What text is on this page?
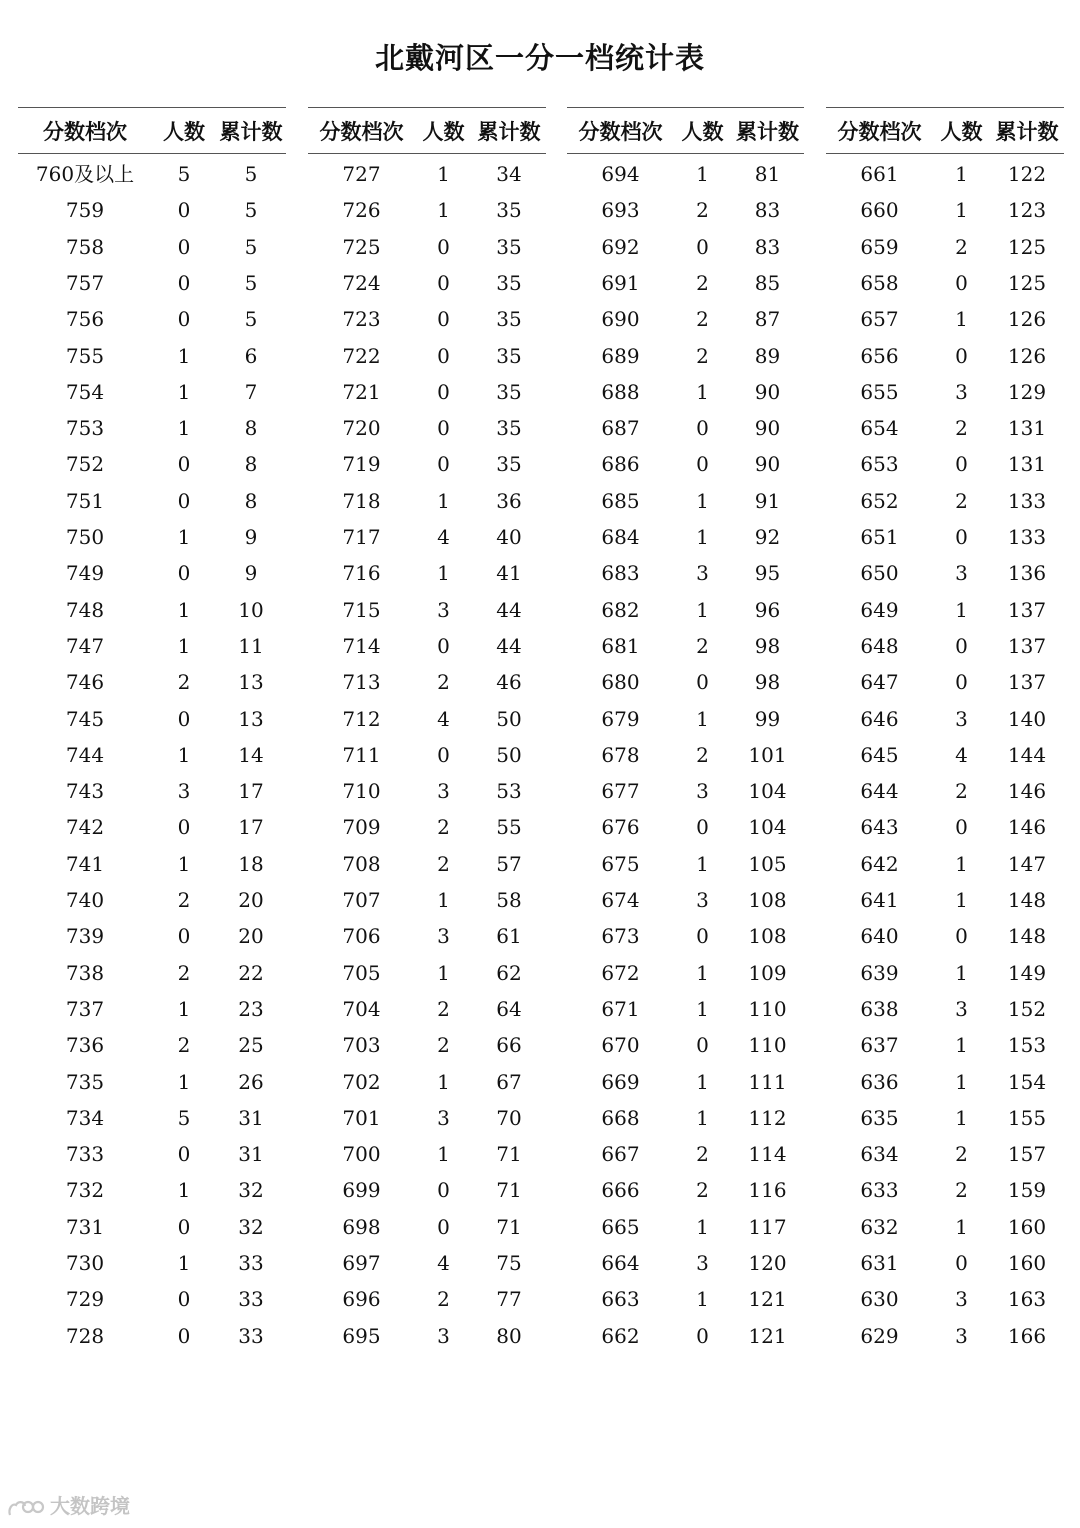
北戴河区一分一档统计表
分数档次	人数 累计数
760及以上	5	5
759	0	5
758	0	5
757	0	5
756	0	5
755	1	6
754	1	7
753	1	8
752	0	8
751	0	8
750	1	9
749	0	9
748	1	10
747	1	11
746	2	13
745	0	13
744	1	14
743	3	17
742	0	17
741	1	18
740	2	20
739	0	20
738	2	22
737	1	23
736	2	25
735	1	26
734	5	31
733	0	31
732	1	32
731	0	32
730	1	33
729	0	33
728	0	33
分数档次 人数 累计数
727	1	34
726	1	35
725	0	35
724	0	35
723	0	35
722	0	35
721	0	35
720	0	35
719	0	35
718	1	36
717	4	40
716	1	41
715	3	44
714	0	44
713	2	46
712	4	50
711	0	50
710	3	53
709	2	55
708	2	57
707	1	58
706	3	61
705	1	62
704	2	64
703	2	66
702	1	67
701	3	70
700	1	71
699	0	71
698	0	71
697	4	75
696	2	77
695	3	80
分数档次 人数 累计数
694	1	81
693	2	83
692	0	83
691	2	85
690	2	87
689	2	89
688	1	90
687	0	90
686	0	90
685	1	91
684	1	92
683	3	95
682	1	96
681	2	98
680	0	98
679	1	99
678	2	101
677	3	104
676	0	104
675	1	105
674	3	108
673	0	108
672	1	109
671	1	110
670	0	110
669	1	111
668	1	112
667	2	114
666	2	116
665	1	117
664	3	120
663	1	121
662	0	121
分数档次 人数 累计数
661	1	122
660	1	123
659	2	125
658	0	125
657	1	126
656	0	126
655	3	129
654	2	131
653	0	131
652	2	133
651	0	133
650	3	136
649	1	137
648	0	137
647	0	137
646	3	140
645	4	144
644	2	146
643	0	146
642	1	147
641	1	148
640	0	148
639	1	149
638	3	152
637	1	153
636	1	154
635	1	155
634	2	157
633	2	159
632	1	160
631	0	160
630	3	163
629	3	166
大数跨境
